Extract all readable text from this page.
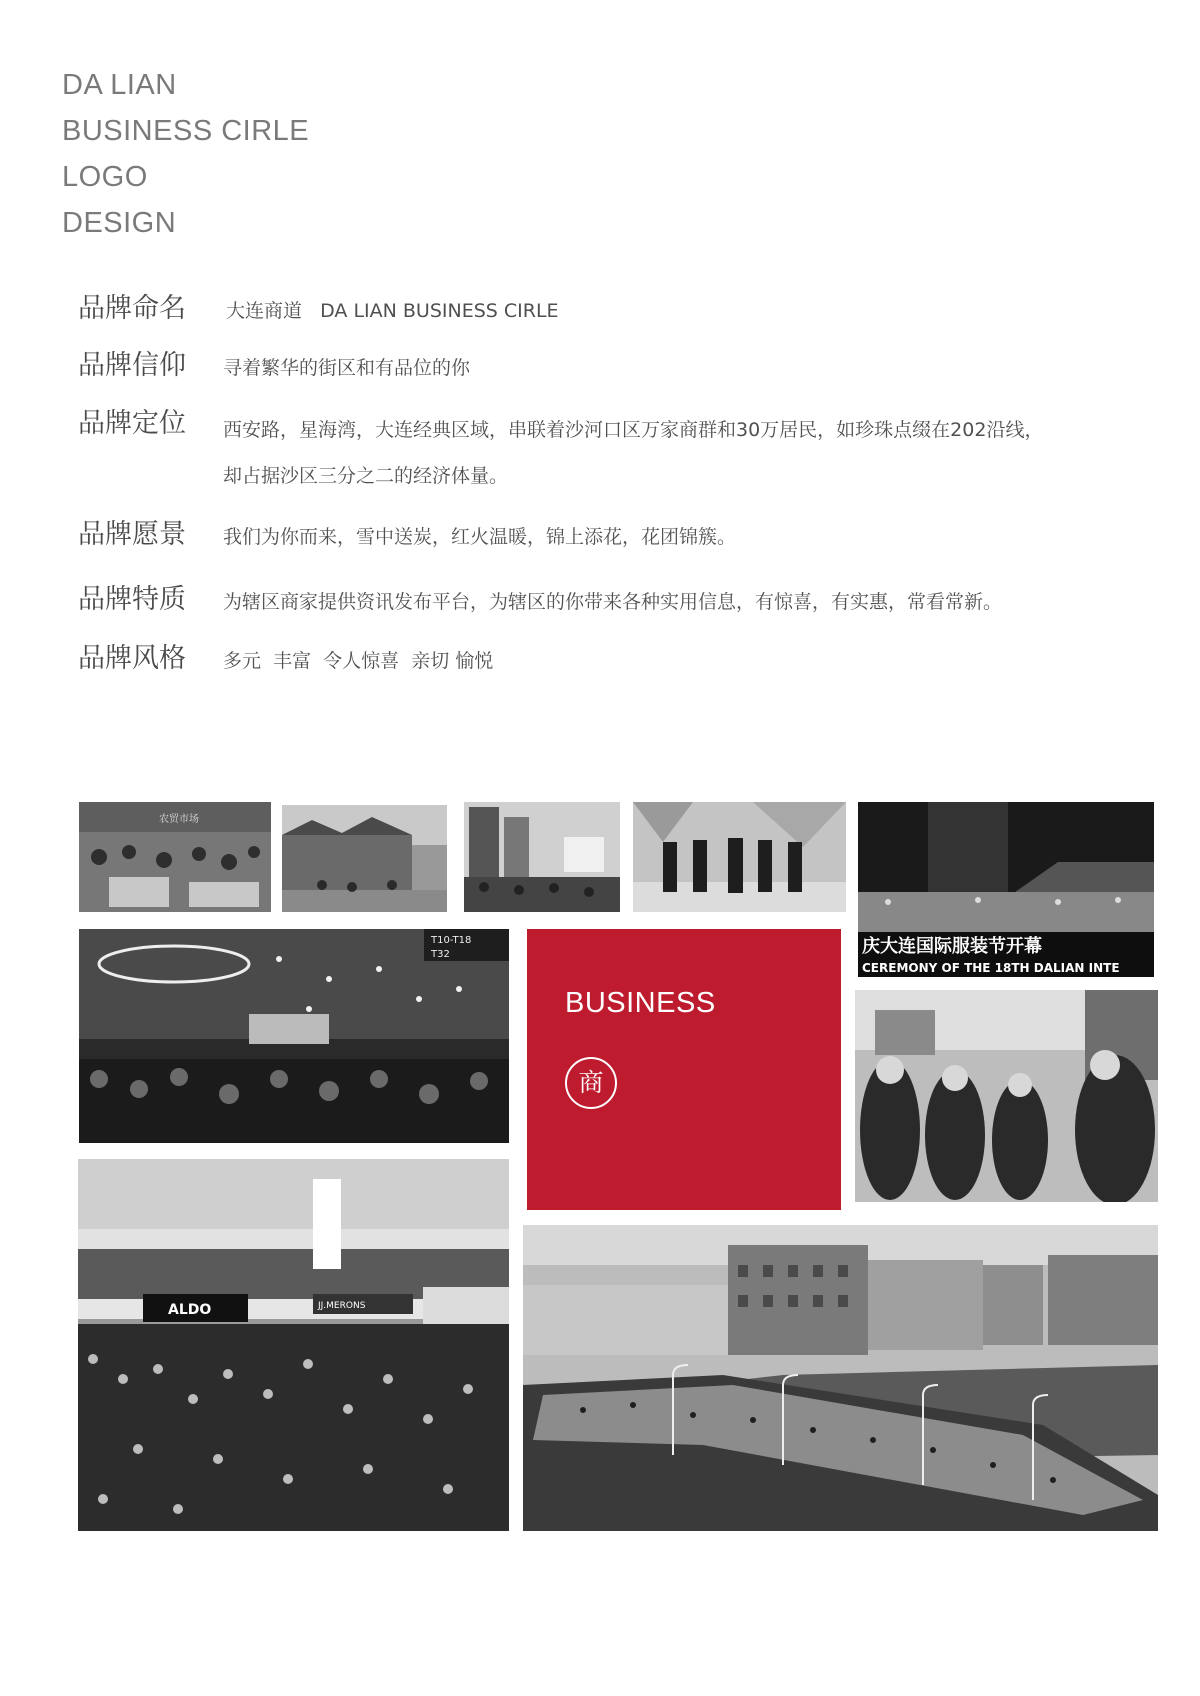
DA LIAN
BUSINESS CIRLE
LOGO
DESIGN
品牌命名 大连商道   DA LIAN BUSINESS CIRLE
品牌信仰 寻着繁华的街区和有品位的你
品牌定位 西安路，星海湾，大连经典区域，串联着沙河口区万家商群和30万居民，如珍珠点缀在202沿线，
却占据沙区三分之二的经济体量。
品牌愿景 我们为你而来，雪中送炭，红火温暖，锦上添花，花团锦簇。
品牌特质 为辖区商家提供资讯发布平台，为辖区的你带来各种实用信息，有惊喜，有实惠，常看常新。
品牌风格 多元  丰富  令人惊喜  亲切 愉悦
农贸市场
庆大连国际服装节开幕
CEREMONY OF THE 18TH DALIAN INTE
T10-T18
T32
BUSINESS
商
ALDO	JJ.MERONS
